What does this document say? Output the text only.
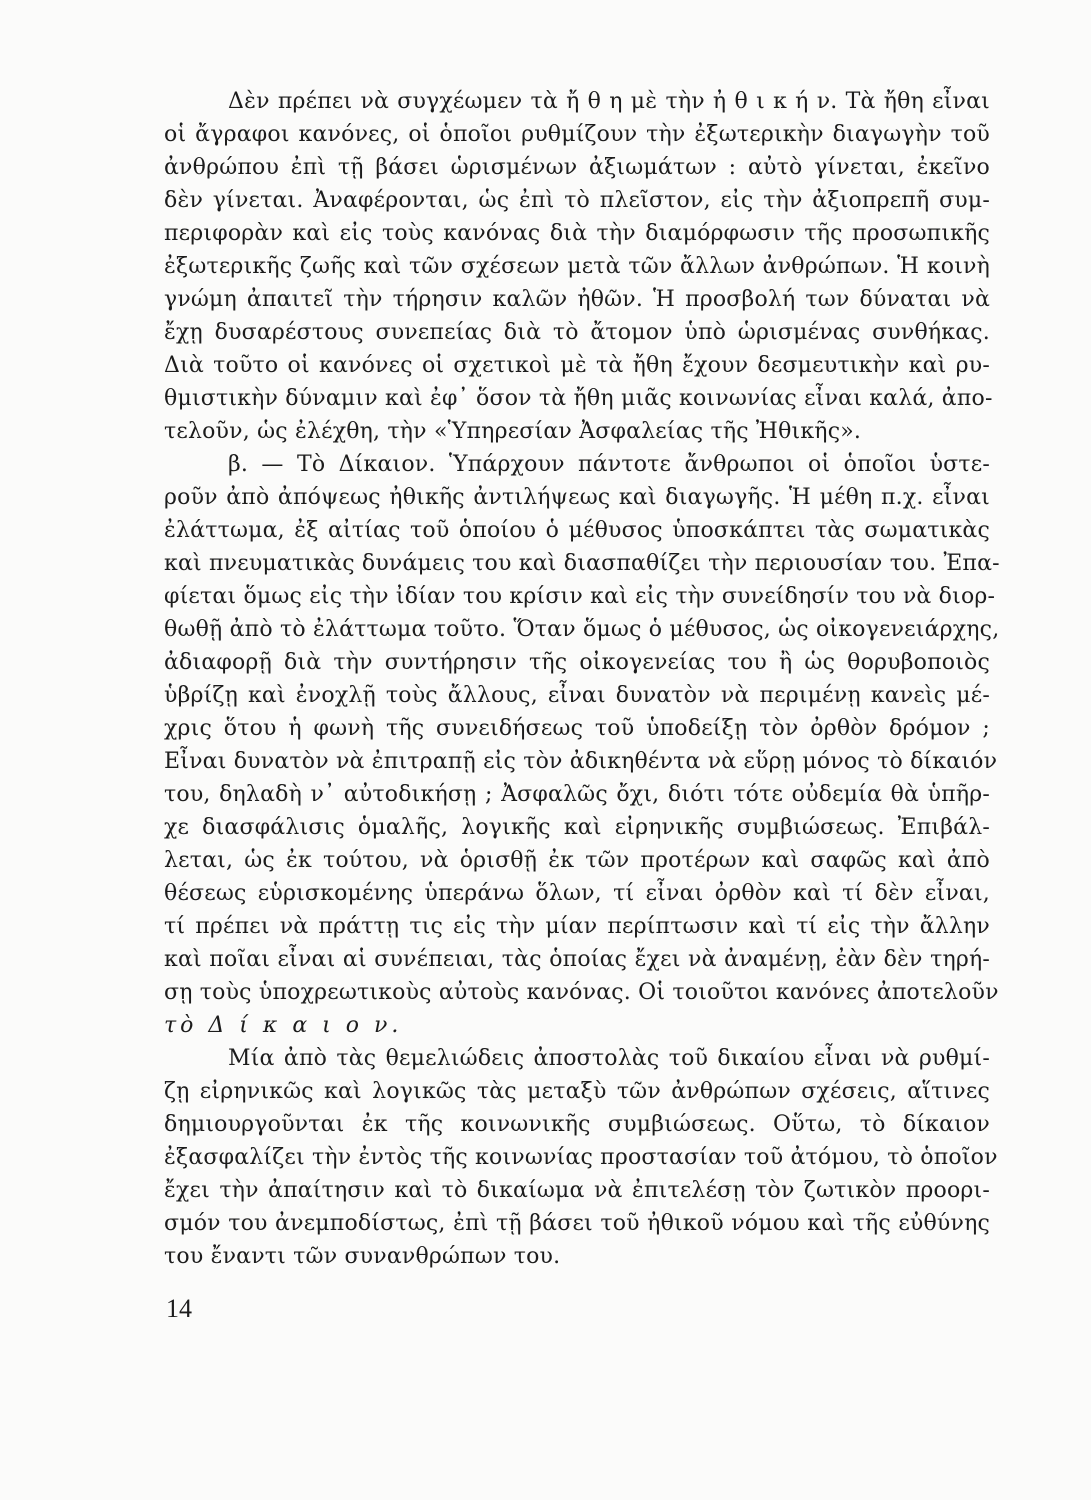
Δὲν πρέπει νὰ συγχέωμεν τὰ ἤ θ η μὲ τὴν ἠ θ ι κ ή ν. Τὰ ἤθη εἶναι
οἱ ἄγραφοι κανόνες, οἱ ὁποῖοι ρυθμίζουν τὴν ἐξωτερικὴν διαγωγὴν τοῦ
ἀνθρώπου ἐπὶ τῇ βάσει ὡρισμένων ἀξιωμάτων : αὐτὸ γίνεται, ἐκεῖνο
δὲν γίνεται. Ἀναφέρονται, ὡς ἐπὶ τὸ πλεῖστον, εἰς τὴν ἀξιοπρεπῆ συμ-
περιφορὰν καὶ εἰς τοὺς κανόνας διὰ τὴν διαμόρφωσιν τῆς προσωπικῆς
ἐξωτερικῆς ζωῆς καὶ τῶν σχέσεων μετὰ τῶν ἄλλων ἀνθρώπων. Ἡ κοινὴ
γνώμη ἀπαιτεῖ τὴν τήρησιν καλῶν ἠθῶν. Ἡ προσβολή των δύναται νὰ
ἔχῃ δυσαρέστους συνεπείας διὰ τὸ ἄτομον ὑπὸ ὡρισμένας συνθήκας.
Διὰ τοῦτο οἱ κανόνες οἱ σχετικοὶ μὲ τὰ ἤθη ἔχουν δεσμευτικὴν καὶ ρυ-
θμιστικὴν δύναμιν καὶ ἐφ᾽ ὅσον τὰ ἤθη μιᾶς κοινωνίας εἶναι καλά, ἀπο-
τελοῦν, ὡς ἐλέχθη, τὴν «Ὑπηρεσίαν Ἀσφαλείας τῆς Ἠθικῆς».
β. — Τὸ Δίκαιον. Ὑπάρχουν πάντοτε ἄνθρωποι οἱ ὁποῖοι ὑστε-
ροῦν ἀπὸ ἀπόψεως ἠθικῆς ἀντιλήψεως καὶ διαγωγῆς. Ἡ μέθη π.χ. εἶναι
ἐλάττωμα, ἐξ αἰτίας τοῦ ὁποίου ὁ μέθυσος ὑποσκάπτει τὰς σωματικὰς
καὶ πνευματικὰς δυνάμεις του καὶ διασπαθίζει τὴν περιουσίαν του. Ἐπα-
φίεται ὅμως εἰς τὴν ἰδίαν του κρίσιν καὶ εἰς τὴν συνείδησίν του νὰ διορ-
θωθῇ ἀπὸ τὸ ἐλάττωμα τοῦτο. Ὅταν ὅμως ὁ μέθυσος, ὡς οἰκογενειάρχης,
ἀδιαφορῇ διὰ τὴν συντήρησιν τῆς οἰκογενείας του ἢ ὡς θορυβοποιὸς
ὑβρίζῃ καὶ ἐνοχλῇ τοὺς ἄλλους, εἶναι δυνατὸν νὰ περιμένῃ κανεὶς μέ-
χρις ὅτου ἡ φωνὴ τῆς συνειδήσεως τοῦ ὑποδείξῃ τὸν ὀρθὸν δρόμον ;
Εἶναι δυνατὸν νὰ ἐπιτραπῇ εἰς τὸν ἀδικηθέντα νὰ εὕρῃ μόνος τὸ δίκαιόν
του, δηλαδὴ ν᾽ αὐτοδικήσῃ ; Ἀσφαλῶς ὄχι, διότι τότε οὐδεμία θὰ ὑπῆρ-
χε διασφάλισις ὁμαλῆς, λογικῆς καὶ εἰρηνικῆς συμβιώσεως. Ἐπιβάλ-
λεται, ὡς ἐκ τούτου, νὰ ὁρισθῇ ἐκ τῶν προτέρων καὶ σαφῶς καὶ ἀπὸ
θέσεως εὑρισκομένης ὑπεράνω ὅλων, τί εἶναι ὀρθὸν καὶ τί δὲν εἶναι,
τί πρέπει νὰ πράττῃ τις εἰς τὴν μίαν περίπτωσιν καὶ τί εἰς τὴν ἄλλην
καὶ ποῖαι εἶναι αἱ συνέπειαι, τὰς ὁποίας ἔχει νὰ ἀναμένῃ, ἐὰν δὲν τηρή-
σῃ τοὺς ὑποχρεωτικοὺς αὐτοὺς κανόνας. Οἱ τοιοῦτοι κανόνες ἀποτελοῦν
τὸ Δ ί κ α ι ο ν.
Μία ἀπὸ τὰς θεμελιώδεις ἀποστολὰς τοῦ δικαίου εἶναι νὰ ρυθμί-
ζῃ εἰρηνικῶς καὶ λογικῶς τὰς μεταξὺ τῶν ἀνθρώπων σχέσεις, αἵτινες
δημιουργοῦνται ἐκ τῆς κοινωνικῆς συμβιώσεως. Οὕτω, τὸ δίκαιον
ἐξασφαλίζει τὴν ἐντὸς τῆς κοινωνίας προστασίαν τοῦ ἀτόμου, τὸ ὁποῖον
ἔχει τὴν ἀπαίτησιν καὶ τὸ δικαίωμα νὰ ἐπιτελέσῃ τὸν ζωτικὸν προορι-
σμόν του ἀνεμποδίστως, ἐπὶ τῇ βάσει τοῦ ἠθικοῦ νόμου καὶ τῆς εὐθύνης
του ἔναντι τῶν συνανθρώπων του.
14
